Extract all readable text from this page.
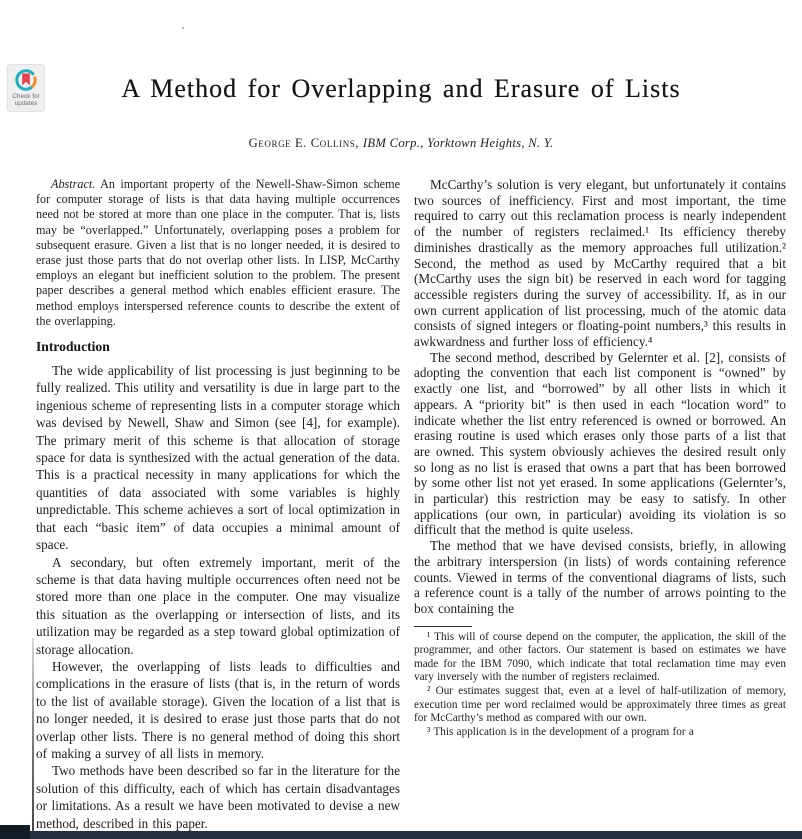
Check for updates
A Method for Overlapping and Erasure of Lists
George E. Collins, IBM Corp., Yorktown Heights, N. Y.

Abstract. An important property of the Newell-Shaw-Simon scheme for computer storage of lists is that data having multiple occurrences need not be stored at more than one place in the computer. That is, lists may be “overlapped.” Unfortunately, overlapping poses a problem for subsequent erasure. Given a list that is no longer needed, it is desired to erase just those parts that do not overlap other lists. In LISP, McCarthy employs an elegant but inefficient solution to the problem. The present paper describes a general method which enables efficient erasure. The method employs interspersed reference counts to describe the extent of the overlapping.

Introduction

The wide applicability of list processing is just beginning to be fully realized. This utility and versatility is due in large part to the ingenious scheme of representing lists in a computer storage which was devised by Newell, Shaw and Simon (see [4], for example). The primary merit of this scheme is that allocation of storage space for data is synthesized with the actual generation of the data. This is a practical necessity in many applications for which the quantities of data associated with some variables is highly unpredictable. This scheme achieves a sort of local optimization in that each “basic item” of data occupies a minimal amount of space.

A secondary, but often extremely important, merit of the scheme is that data having multiple occurrences often need not be stored more than one place in the computer. One may visualize this situation as the overlapping or intersection of lists, and its utilization may be regarded as a step toward global optimization of storage allocation.

However, the overlapping of lists leads to difficulties and complications in the erasure of lists (that is, in the return of words to the list of available storage). Given the location of a list that is no longer needed, it is desired to erase just those parts that do not overlap other lists. There is no general method of doing this short of making a survey of all lists in memory.

Two methods have been described so far in the literature for the solution of this difficulty, each of which has certain disadvantages or limitations. As a result we have been motivated to devise a new method, described in this paper.

McCarthy’s solution is very elegant, but unfortunately it contains two sources of inefficiency. First and most important, the time required to carry out this reclamation process is nearly independent of the number of registers reclaimed.¹ Its efficiency thereby diminishes drastically as the memory approaches full utilization.² Second, the method as used by McCarthy required that a bit (McCarthy uses the sign bit) be reserved in each word for tagging accessible registers during the survey of accessibility. If, as in our own current application of list processing, much of the atomic data consists of signed integers or floating-point numbers,³ this results in awkwardness and further loss of efficiency.⁴

The second method, described by Gelernter et al. [2], consists of adopting the convention that each list component is “owned” by exactly one list, and “borrowed” by all other lists in which it appears. A “priority bit” is then used in each “location word” to indicate whether the list entry referenced is owned or borrowed. An erasing routine is used which erases only those parts of a list that are owned. This system obviously achieves the desired result only so long as no list is erased that owns a part that has been borrowed by some other list not yet erased. In some applications (Gelernter’s, in particular) this restriction may be easy to satisfy. In other applications (our own, in particular) avoiding its violation is so difficult that the method is quite useless.

The method that we have devised consists, briefly, in allowing the arbitrary interspersion (in lists) of words containing reference counts. Viewed in terms of the conventional diagrams of lists, such a reference count is a tally of the number of arrows pointing to the box containing the

¹ This will of course depend on the computer, the application, the skill of the programmer, and other factors. Our statement is based on estimates we have made for the IBM 7090, which indicate that total reclamation time may even vary inversely with the number of registers reclaimed.

² Our estimates suggest that, even at a level of half-utilization of memory, execution time per word reclaimed would be approximately three times as great for McCarthy’s method as compared with our own.

³ This application is in the development of a program for a
